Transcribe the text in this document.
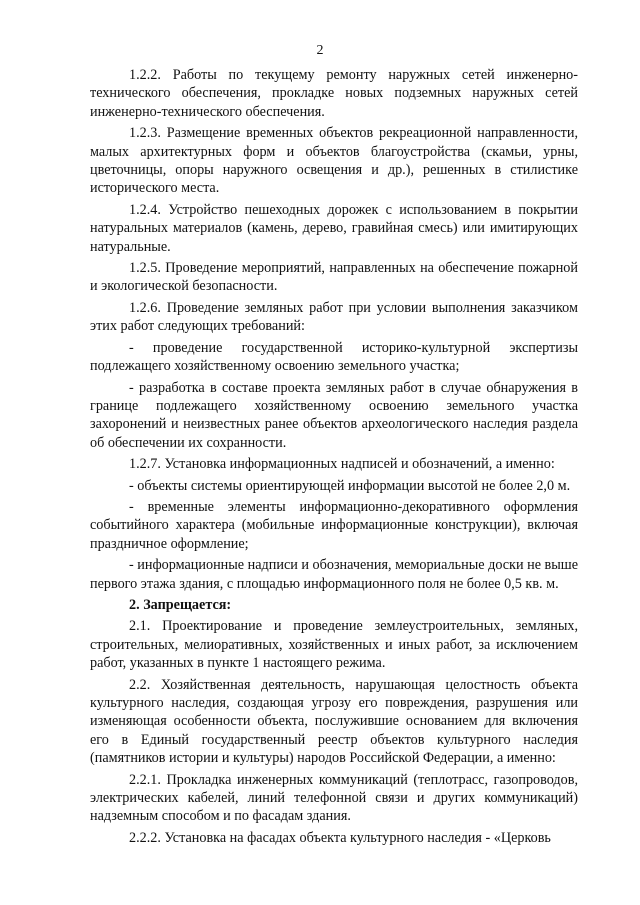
2

1.2.2. Работы по текущему ремонту наружных сетей инженерно-технического обеспечения, прокладке новых подземных наружных сетей инженерно-технического обеспечения.

1.2.3. Размещение временных объектов рекреационной направленности, малых архитектурных форм и объектов благоустройства (скамьи, урны, цветочницы, опоры наружного освещения и др.), решенных в стилистике исторического места.

1.2.4. Устройство пешеходных дорожек с использованием в покрытии натуральных материалов (камень, дерево, гравийная смесь) или имитирующих натуральные.

1.2.5. Проведение мероприятий, направленных на обеспечение пожарной и экологической безопасности.

1.2.6. Проведение земляных работ при условии выполнения заказчиком этих работ следующих требований:

- проведение государственной историко-культурной экспертизы подлежащего хозяйственному освоению земельного участка;

- разработка в составе проекта земляных работ в случае обнаружения в границе подлежащего хозяйственному освоению земельного участка захоронений и неизвестных ранее объектов археологического наследия раздела об обеспечении их сохранности.

1.2.7. Установка информационных надписей и обозначений, а именно:

- объекты системы ориентирующей информации высотой не более 2,0 м.

- временные элементы информационно-декоративного оформления событийного характера (мобильные информационные конструкции), включая праздничное оформление;

- информационные надписи и обозначения, мемориальные доски не выше первого этажа здания, с площадью информационного поля не более 0,5 кв. м.

2. Запрещается:

2.1. Проектирование и проведение землеустроительных, земляных, строительных, мелиоративных, хозяйственных и иных работ, за исключением работ, указанных в пункте 1 настоящего режима.

2.2. Хозяйственная деятельность, нарушающая целостность объекта культурного наследия, создающая угрозу его повреждения, разрушения или изменяющая особенности объекта, послужившие основанием для включения его в Единый государственный реестр объектов культурного наследия (памятников истории и культуры) народов Российской Федерации, а именно:

2.2.1. Прокладка инженерных коммуникаций (теплотрасс, газопроводов, электрических кабелей, линий телефонной связи и других коммуникаций) надземным способом и по фасадам здания.

2.2.2. Установка на фасадах объекта культурного наследия - «Церковь
